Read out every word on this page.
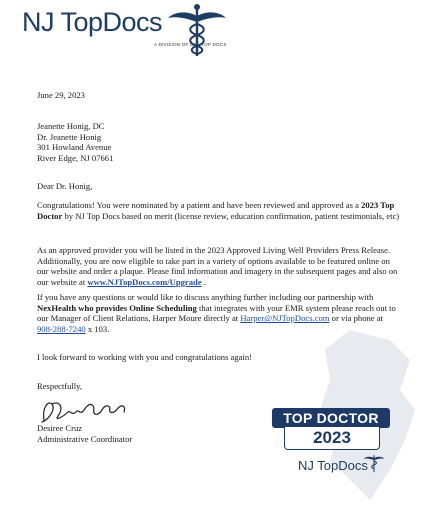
NJ TopDocs
A DIVISION OF USA TOP DOCS
June 29, 2023
Jeanette Honig, DC
Dr. Jeanette Honig
301 Howland Avenue
River Edge, NJ 07661
Dear Dr. Honig,
Congratulations! You were nominated by a patient and have been reviewed and approved as a 2023 Top Doctor by NJ Top Docs based on merit (license review, education confirmation, patient testimonials, etc)
As an approved provider you will be listed in the 2023 Approved Living Well Providers Press Release. Additionally, you are now eligible to take part in a variety of options available to be featured online on our website and order a plaque. Please find information and imagery in the subsequent pages and also on our website at www.NJTopDocs.com/Upgrade .
If you have any questions or would like to discuss anything further including our partnership with NexHealth who provides Online Scheduling that integrates with your EMR system please reach out to our Manager of Client Relations, Harper Moure directly at Harper@NJTopDocs.com or via phone at
908-288-7240 x 103.
I look forward to working with you and congratulations again!
Respectfully,
Desiree Cruz
Administrative Coordinator
TOP DOCTOR
2023
NJ TopDocs
